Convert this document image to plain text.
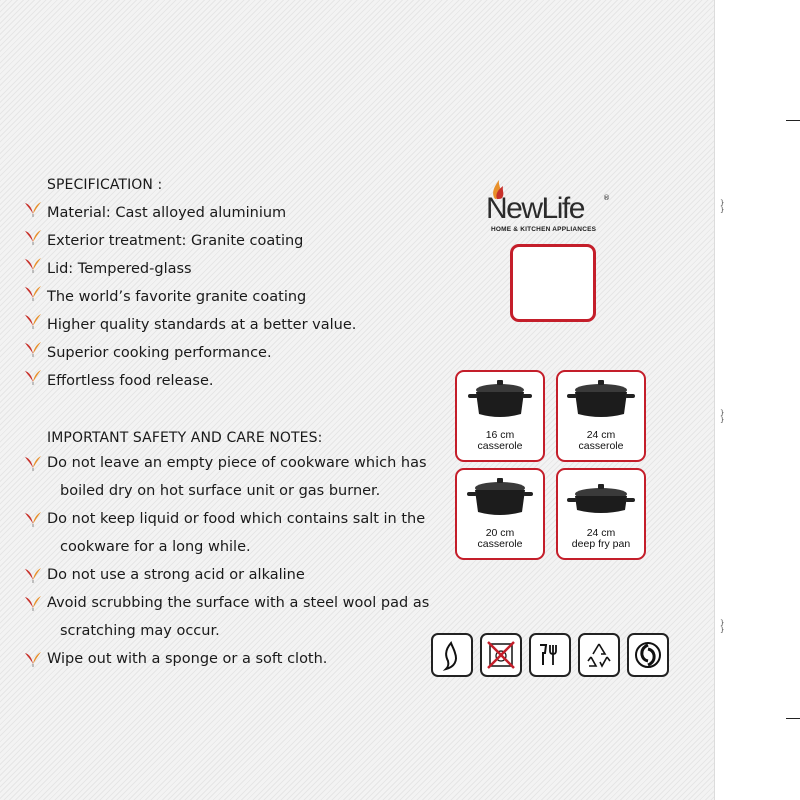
}
}
}
}
}
}
SPECIFICATION :
Material: Cast alloyed aluminium
Exterior treatment: Granite coating
Lid: Tempered-glass
The world’s favorite granite coating
Higher quality standards at a better value.
Superior cooking performance.
Effortless food release.
IMPORTANT SAFETY AND CARE NOTES:
Do not leave an empty piece of cookware which has
boiled dry on hot surface unit or gas burner.
Do not keep liquid or food which contains salt in the
cookware for a long while.
Do not use a strong acid or alkaline
Avoid scrubbing the surface with a steel wool pad as
scratching may occur.
Wipe out with a sponge or a soft cloth.
NewLife	®
HOME & KITCHEN APPLIANCES
16 cm
casserole
24 cm
casserole
20 cm
casserole
24 cm
deep fry pan
